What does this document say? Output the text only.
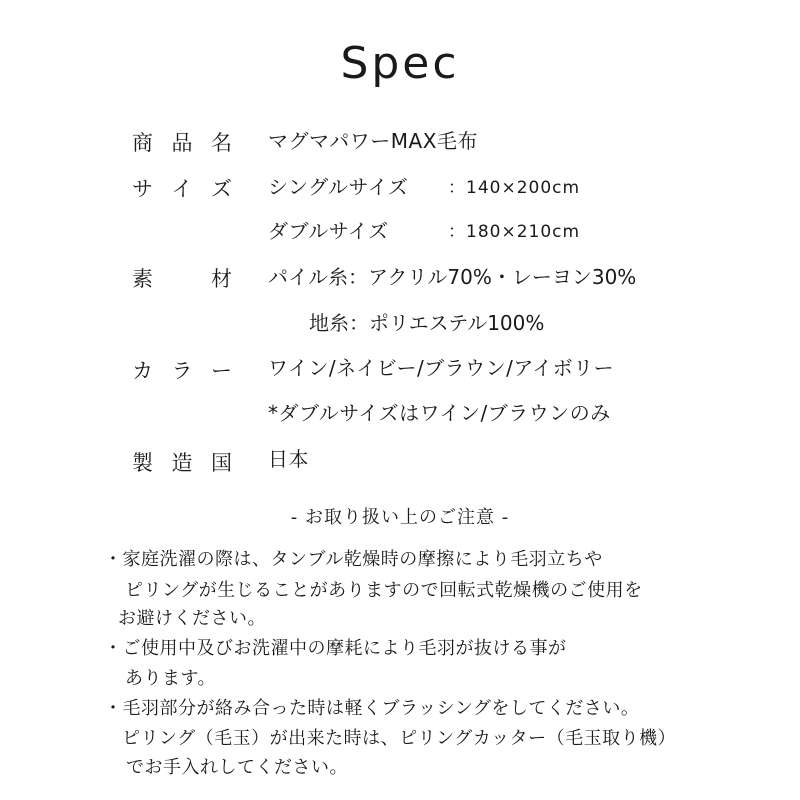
Spec
商 品 名 マグマパワーMAX毛布
サ イ ズ シングルサイズ ：140×200cm
ダブルサイズ	：180×210cm
素	材 パイル糸：アクリル70%・レーヨン30%
地糸：ポリエステル100%
カ ラ ー ワイン/ネイビー/ブラウン/アイボリー
*ダブルサイズはワイン/ブラウンのみ
製 造 国 日本
- お取り扱い上のご注意 -
・家庭洗濯の際は、タンブル乾燥時の摩擦により毛羽立ちや
ピリングが生じることがありますので回転式乾燥機のご使用を
お避けください。
・ご使用中及びお洗濯中の摩耗により毛羽が抜ける事が
あります。
・毛羽部分が絡み合った時は軽くブラッシングをしてください。
ピリング（毛玉）が出来た時は、ピリングカッター（毛玉取り機）
でお手入れしてください。
